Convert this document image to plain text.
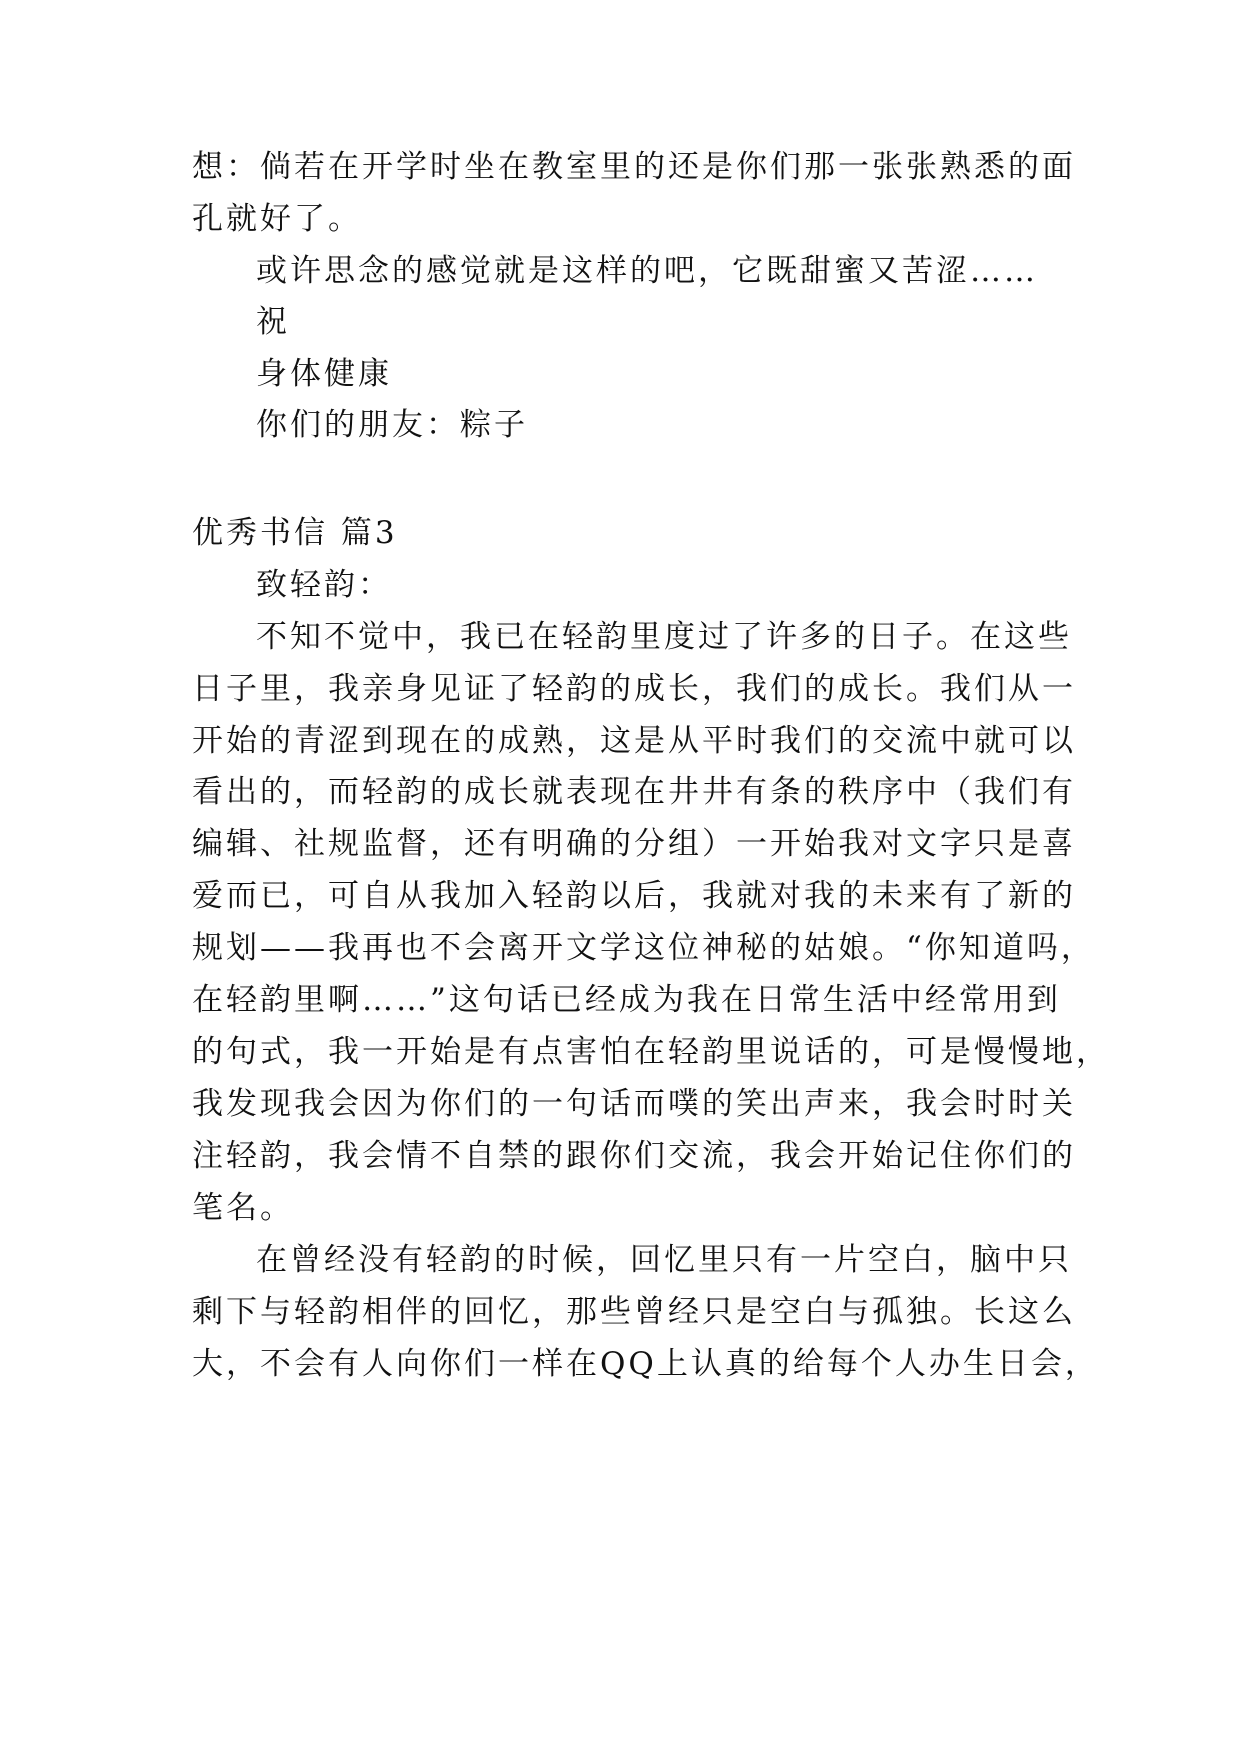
想：倘若在开学时坐在教室里的还是你们那一张张熟悉的面
孔就好了。
或许思念的感觉就是这样的吧，它既甜蜜又苦涩……
祝
身体健康
你们的朋友：粽子
优秀书信 篇3
致轻韵：
不知不觉中，我已在轻韵里度过了许多的日子。在这些
日子里，我亲身见证了轻韵的成长，我们的成长。我们从一
开始的青涩到现在的成熟，这是从平时我们的交流中就可以
看出的，而轻韵的成长就表现在井井有条的秩序中（我们有
编辑、社规监督，还有明确的分组）一开始我对文字只是喜
爱而已，可自从我加入轻韵以后，我就对我的未来有了新的
规划——我再也不会离开文学这位神秘的姑娘。“你知道吗，
在轻韵里啊……”这句话已经成为我在日常生活中经常用到
的句式，我一开始是有点害怕在轻韵里说话的，可是慢慢地，
我发现我会因为你们的一句话而噗的笑出声来，我会时时关
注轻韵，我会情不自禁的跟你们交流，我会开始记住你们的
笔名。
在曾经没有轻韵的时候，回忆里只有一片空白，脑中只
剩下与轻韵相伴的回忆，那些曾经只是空白与孤独。长这么
大，不会有人向你们一样在QQ上认真的给每个人办生日会，
